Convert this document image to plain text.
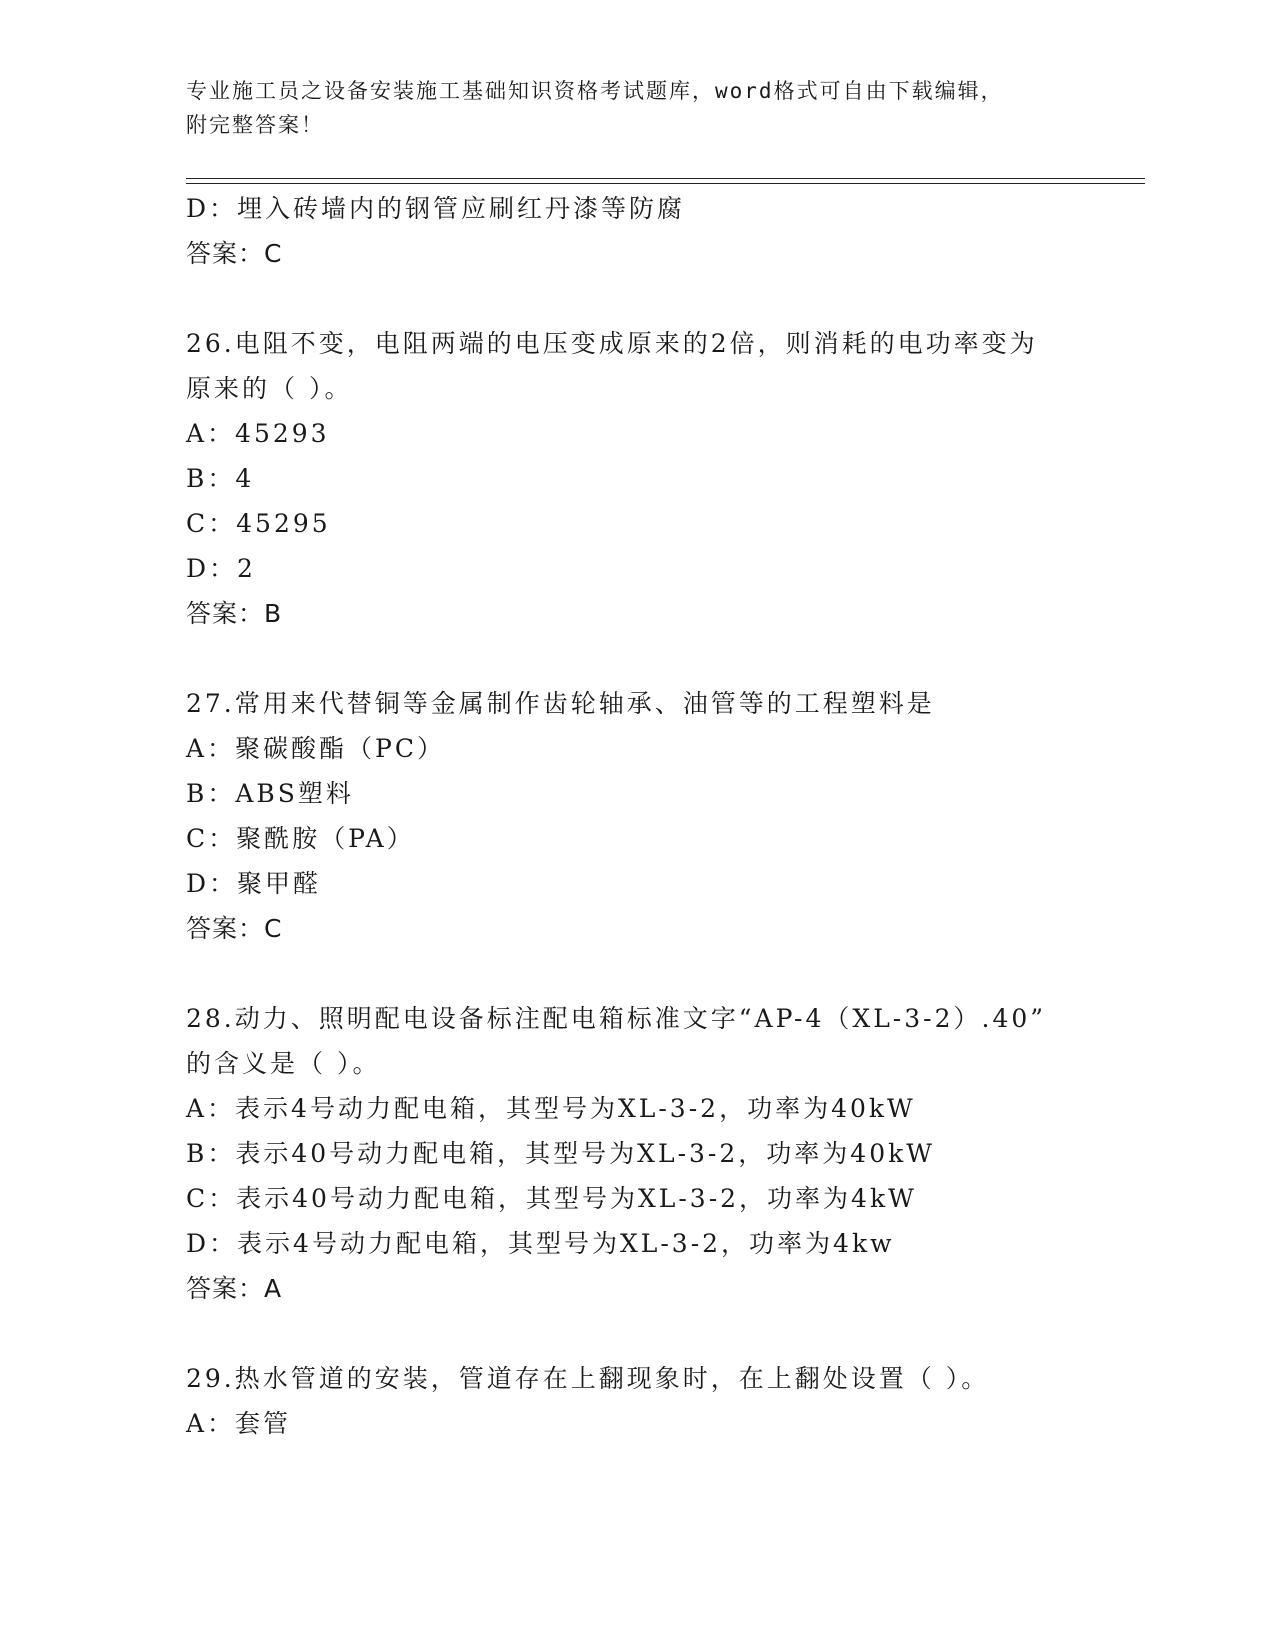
专业施工员之设备安装施工基础知识资格考试题库，word格式可自由下载编辑，
附完整答案！
D：埋入砖墙内的钢管应刷红丹漆等防腐
答案：C
26.电阻不变，电阻两端的电压变成原来的2倍，则消耗的电功率变为
原来的（ ）。
A：45293
B：4
C：45295
D：2
答案：B
27.常用来代替铜等金属制作齿轮轴承、油管等的工程塑料是
A：聚碳酸酯（PC）
B：ABS塑料
C：聚酰胺（PA）
D：聚甲醛
答案：C
28.动力、照明配电设备标注配电箱标准文字“AP-4（XL-3-2）.40”
的含义是（ ）。
A：表示4号动力配电箱，其型号为XL-3-2，功率为40kW
B：表示40号动力配电箱，其型号为XL-3-2，功率为40kW
C：表示40号动力配电箱，其型号为XL-3-2，功率为4kW
D：表示4号动力配电箱，其型号为XL-3-2，功率为4kw
答案：A
29.热水管道的安装，管道存在上翻现象时，在上翻处设置（ ）。
A：套管
